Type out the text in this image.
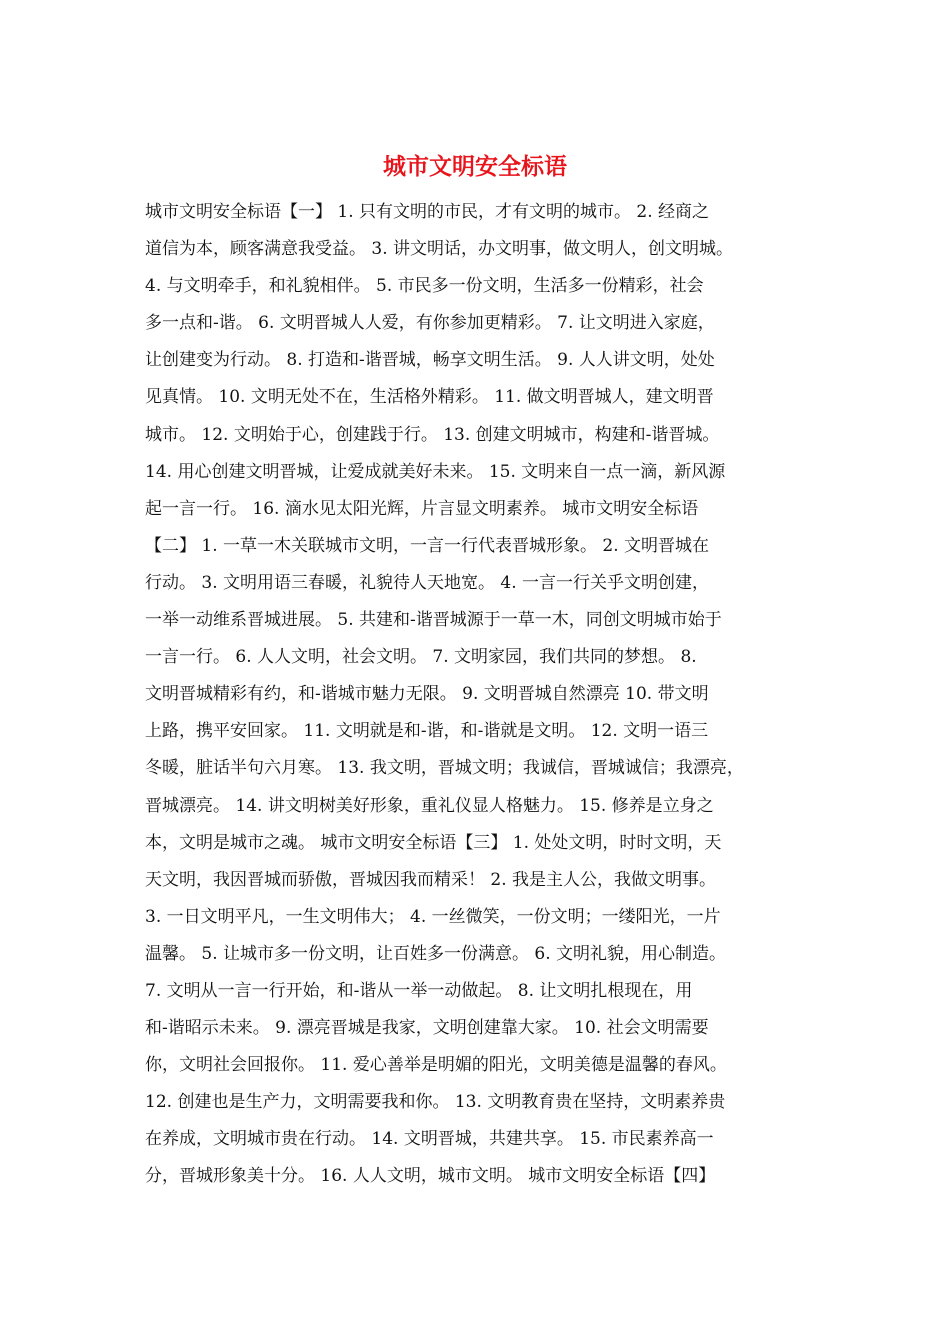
城市文明安全标语
城市文明安全标语【一】 1. 只有文明的市民，才有文明的城市。 2. 经商之
道信为本，顾客满意我受益。 3. 讲文明话，办文明事，做文明人，创文明城。
4. 与文明牵手，和礼貌相伴。 5. 市民多一份文明，生活多一份精彩，社会
多一点和-谐。 6. 文明晋城人人爱，有你参加更精彩。 7. 让文明进入家庭，
让创建变为行动。 8. 打造和-谐晋城，畅享文明生活。 9. 人人讲文明，处处
见真情。 10. 文明无处不在，生活格外精彩。 11. 做文明晋城人，建文明晋
城市。 12. 文明始于心，创建践于行。 13. 创建文明城市，构建和-谐晋城。
14. 用心创建文明晋城，让爱成就美好未来。 15. 文明来自一点一滴，新风源
起一言一行。 16. 滴水见太阳光辉，片言显文明素养。 城市文明安全标语
【二】 1. 一草一木关联城市文明，一言一行代表晋城形象。 2. 文明晋城在
行动。 3. 文明用语三春暖，礼貌待人天地宽。 4. 一言一行关乎文明创建，
一举一动维系晋城进展。 5. 共建和-谐晋城源于一草一木，同创文明城市始于
一言一行。 6. 人人文明，社会文明。 7. 文明家园，我们共同的梦想。 8.
文明晋城精彩有约，和-谐城市魅力无限。 9. 文明晋城自然漂亮 10. 带文明
上路，携平安回家。 11. 文明就是和-谐，和-谐就是文明。 12. 文明一语三
冬暖，脏话半句六月寒。 13. 我文明，晋城文明；我诚信，晋城诚信；我漂亮，
晋城漂亮。 14. 讲文明树美好形象，重礼仪显人格魅力。 15. 修养是立身之
本，文明是城市之魂。 城市文明安全标语【三】 1. 处处文明，时时文明，天
天文明，我因晋城而骄傲，晋城因我而精采！ 2. 我是主人公，我做文明事。
3. 一日文明平凡，一生文明伟大； 4. 一丝微笑，一份文明；一缕阳光，一片
温馨。 5. 让城市多一份文明，让百姓多一份满意。 6. 文明礼貌，用心制造。
7. 文明从一言一行开始，和-谐从一举一动做起。 8. 让文明扎根现在，用
和-谐昭示未来。 9. 漂亮晋城是我家，文明创建靠大家。 10. 社会文明需要
你，文明社会回报你。 11. 爱心善举是明媚的阳光，文明美德是温馨的春风。
12. 创建也是生产力，文明需要我和你。 13. 文明教育贵在坚持，文明素养贵
在养成，文明城市贵在行动。 14. 文明晋城，共建共享。 15. 市民素养高一
分，晋城形象美十分。 16. 人人文明，城市文明。 城市文明安全标语【四】
